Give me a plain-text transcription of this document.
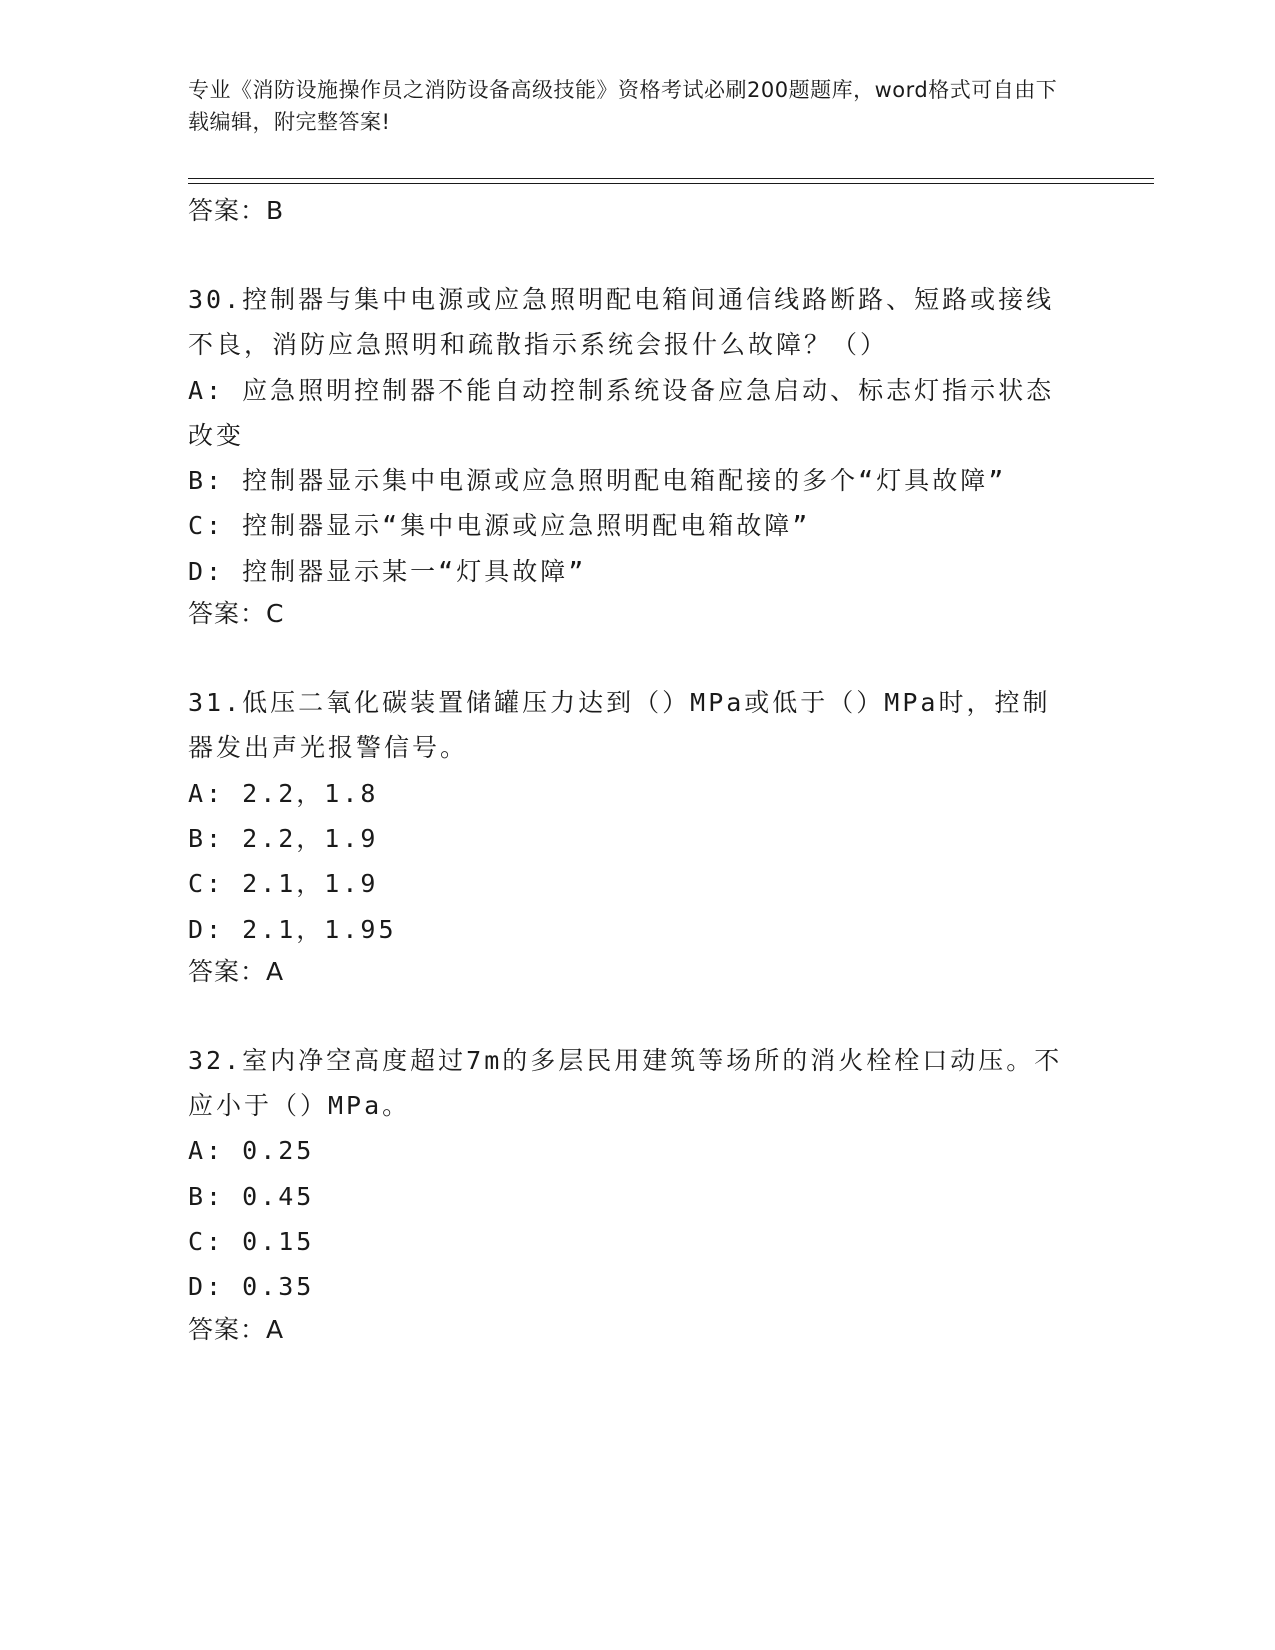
专业《消防设施操作员之消防设备高级技能》资格考试必刷200题题库，word格式可自由下载编辑，附完整答案!
答案：B
30.控制器与集中电源或应急照明配电箱间通信线路断路、短路或接线不良，消防应急照明和疏散指示系统会报什么故障？（）
A: 应急照明控制器不能自动控制系统设备应急启动、标志灯指示状态改变
B: 控制器显示集中电源或应急照明配电箱配接的多个“灯具故障”
C: 控制器显示“集中电源或应急照明配电箱故障”
D: 控制器显示某一“灯具故障”
答案：C
31.低压二氧化碳装置储罐压力达到（）MPa或低于（）MPa时，控制器发出声光报警信号。
A: 2.2，1.8
B: 2.2，1.9
C: 2.1，1.9
D: 2.1，1.95
答案：A
32.室内净空高度超过7m的多层民用建筑等场所的消火栓栓口动压。不应小于（）MPa。
A: 0.25
B: 0.45
C: 0.15
D: 0.35
答案：A
